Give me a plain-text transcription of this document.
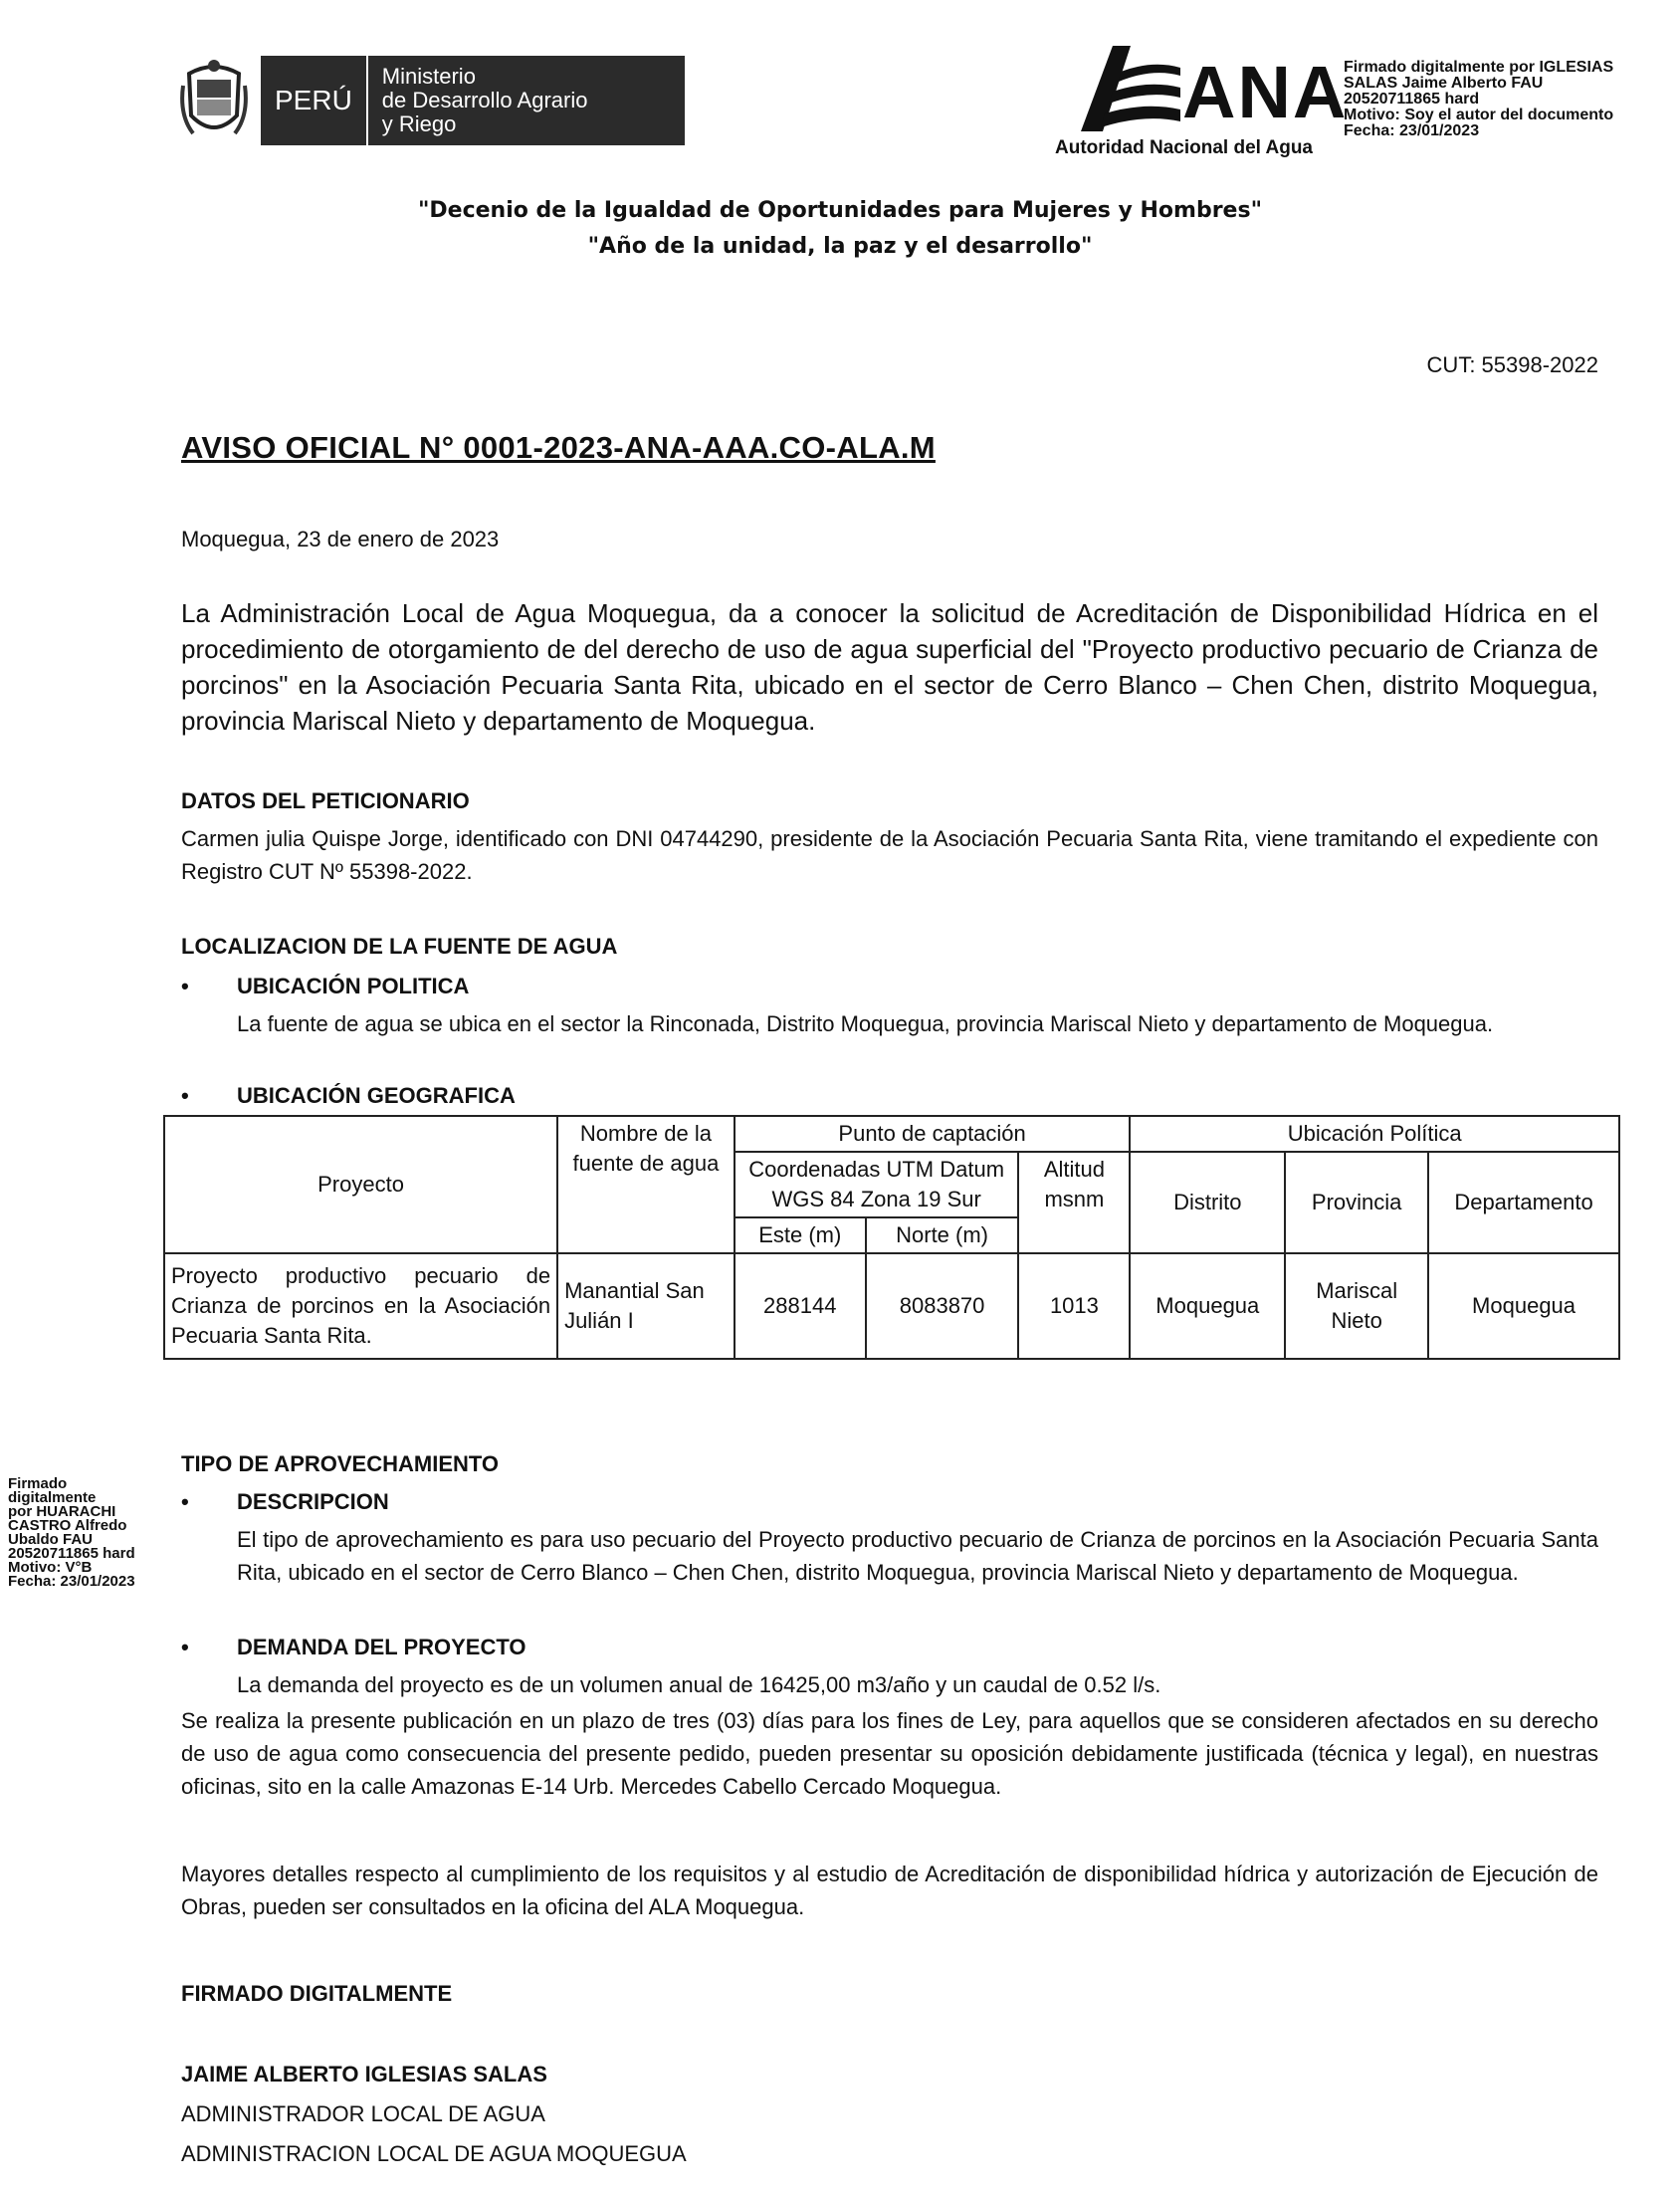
PERÚ
Ministerio
de Desarrollo Agrario
y Riego	ANA
Autoridad Nacional del Agua
Firmado digitalmente por IGLESIAS
SALAS Jaime Alberto FAU
20520711865 hard
Motivo: Soy el autor del documento
Fecha: 23/01/2023
"Decenio de la Igualdad de Oportunidades para Mujeres y Hombres"
"Año de la unidad, la paz y el desarrollo"
CUT: 55398-2022
AVISO OFICIAL N° 0001-2023-ANA-AAA.CO-ALA.M
Moquegua, 23 de enero de 2023
La Administración Local de Agua Moquegua, da a conocer la solicitud de Acreditación de Disponibilidad Hídrica en el procedimiento de otorgamiento de del derecho de uso de agua superficial del "Proyecto productivo pecuario de Crianza de porcinos" en la Asociación Pecuaria Santa Rita, ubicado en el sector de Cerro Blanco – Chen Chen, distrito Moquegua, provincia Mariscal Nieto y departamento de Moquegua.
DATOS DEL PETICIONARIO
Carmen julia Quispe Jorge, identificado con DNI 04744290, presidente de la Asociación Pecuaria Santa Rita, viene tramitando el expediente con Registro CUT Nº 55398-2022.
LOCALIZACION DE LA FUENTE DE AGUA
•	UBICACIÓN POLITICA
La fuente de agua se ubica en el sector la Rinconada, Distrito Moquegua, provincia Mariscal Nieto y departamento de Moquegua.
•	UBICACIÓN GEOGRAFICA
Proyecto	Nombre de la fuente de agua	Punto de captación			Ubicación Política		
		Coordenadas UTM Datum WGS 84 Zona 19 Sur		Altitud msnm	Distrito	Provincia	Departamento
		Este (m)	Norte (m)				
Proyecto productivo pecuario de Crianza de porcinos en la Asociación Pecuaria Santa Rita.	Manantial San Julián I	288144	8083870	1013	Moquegua	Mariscal Nieto	Moquegua
Firmado
digitalmente
por HUARACHI
CASTRO Alfredo
Ubaldo FAU
20520711865 hard
Motivo: V°B
Fecha: 23/01/2023
TIPO DE APROVECHAMIENTO
•	DESCRIPCION
El tipo de aprovechamiento es para uso pecuario del Proyecto productivo pecuario de Crianza de porcinos en la Asociación Pecuaria Santa Rita, ubicado en el sector de Cerro Blanco – Chen Chen, distrito Moquegua, provincia Mariscal Nieto y departamento de Moquegua.
•	DEMANDA DEL PROYECTO
La demanda del proyecto es de un volumen anual de 16425,00 m3/año y un caudal de 0.52 l/s.
Se realiza la presente publicación en un plazo de tres (03) días para los fines de Ley, para aquellos que se consideren afectados en su derecho de uso de agua como consecuencia del presente pedido, pueden presentar su oposición debidamente justificada (técnica y legal), en nuestras oficinas, sito en la calle Amazonas E-14 Urb. Mercedes Cabello Cercado Moquegua.
Mayores detalles respecto al cumplimiento de los requisitos y al estudio de Acreditación de disponibilidad hídrica y autorización de Ejecución de Obras, pueden ser consultados en la oficina del ALA Moquegua.
FIRMADO DIGITALMENTE
JAIME ALBERTO IGLESIAS SALAS
ADMINISTRADOR LOCAL DE AGUA
ADMINISTRACION LOCAL DE AGUA MOQUEGUA
